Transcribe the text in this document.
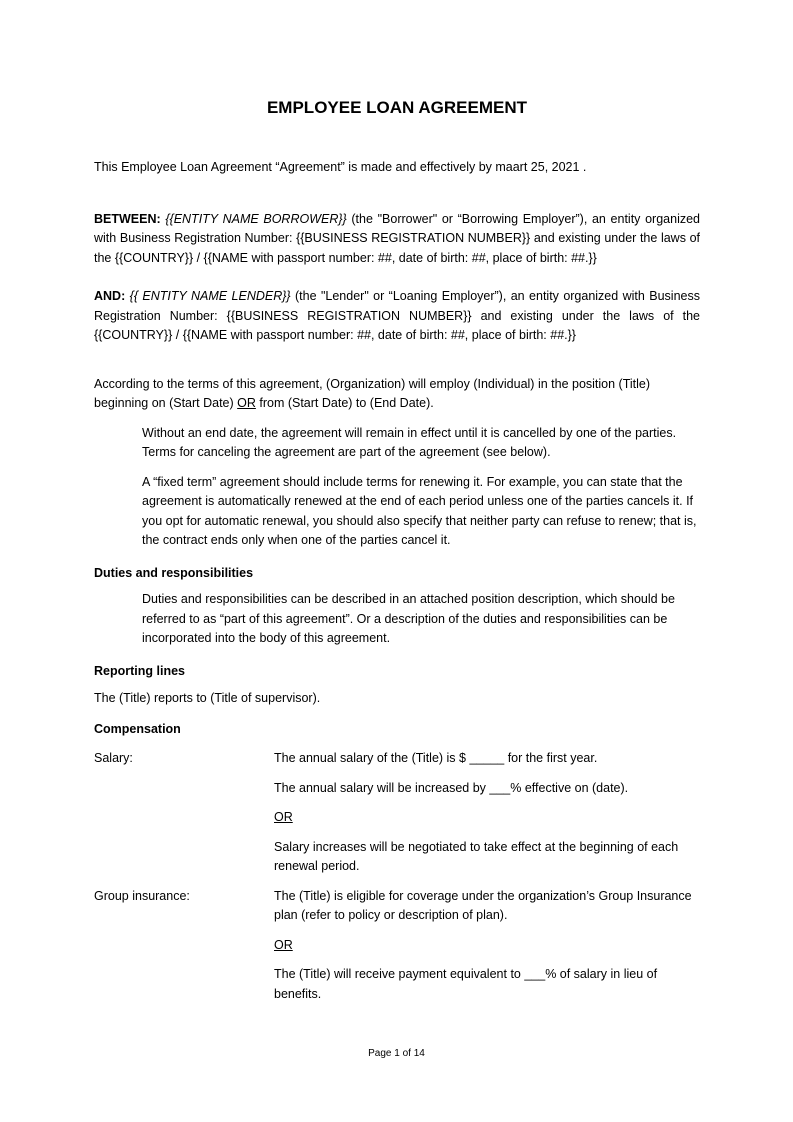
EMPLOYEE LOAN AGREEMENT

This Employee Loan Agreement “Agreement” is made and effectively by maart 25, 2021 .

BETWEEN: {{ENTITY NAME BORROWER}} (the "Borrower" or “Borrowing Employer”), an entity organized with Business Registration Number: {{BUSINESS REGISTRATION NUMBER}} and existing under the laws of the {{COUNTRY}} / {{NAME with passport number: ##, date of birth: ##, place of birth: ##.}}

AND: {{ ENTITY NAME LENDER}} (the "Lender" or “Loaning Employer”), an entity organized with Business Registration Number: {{BUSINESS REGISTRATION NUMBER}} and existing under the laws of the {{COUNTRY}} / {{NAME with passport number: ##, date of birth: ##, place of birth: ##.}}

According to the terms of this agreement, (Organization) will employ (Individual) in the position (Title) beginning on (Start Date) OR from (Start Date) to (End Date).

Without an end date, the agreement will remain in effect until it is cancelled by one of the parties. Terms for canceling the agreement are part of the agreement (see below).

A “fixed term” agreement should include terms for renewing it. For example, you can state that the agreement is automatically renewed at the end of each period unless one of the parties cancels it. If you opt for automatic renewal, you should also specify that neither party can refuse to renew; that is, the contract ends only when one of the parties cancel it.

Duties and responsibilities

Duties and responsibilities can be described in an attached position description, which should be referred to as “part of this agreement”. Or a description of the duties and responsibilities can be incorporated into the body of this agreement.

Reporting lines

The (Title) reports to (Title of supervisor).

Compensation

Salary:	The annual salary of the (Title) is $ _____ for the first year.

The annual salary will be increased by ___% effective on (date).

OR

Salary increases will be negotiated to take effect at the beginning of each renewal period.

Group insurance:	The (Title) is eligible for coverage under the organization’s Group Insurance plan (refer to policy or description of plan).

OR

The (Title) will receive payment equivalent to ___% of salary in lieu of benefits.

Page 1 of 14
